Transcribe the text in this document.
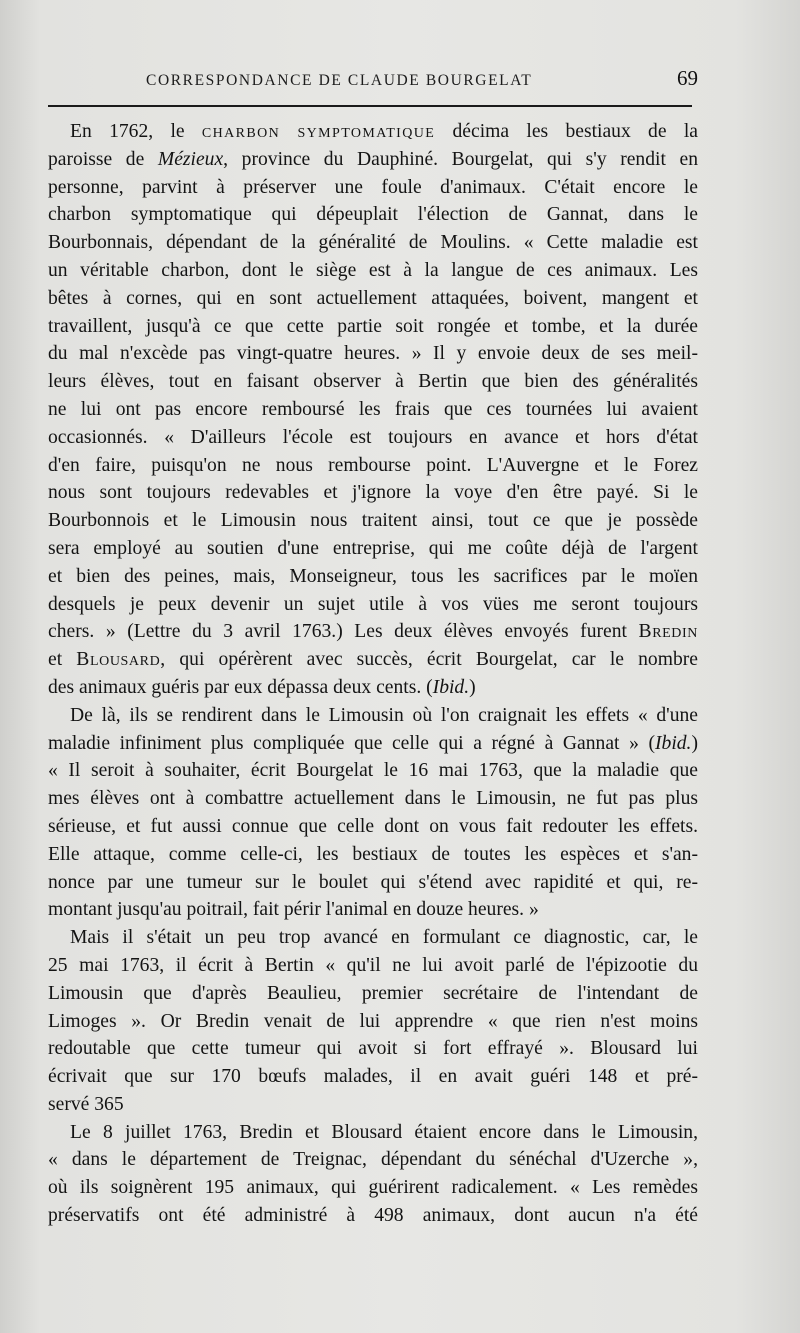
CORRESPONDANCE DE CLAUDE BOURGELAT	69
En 1762, le CHARBON SYMPTOMATIQUE décima les bestiaux de la
paroisse de Mézieux, province du Dauphiné. Bourgelat, qui s'y rendit en
personne, parvint à préserver une foule d'animaux. C'était encore le
charbon symptomatique qui dépeuplait l'élection de Gannat, dans le
Bourbonnais, dépendant de la généralité de Moulins. « Cette maladie est
un véritable charbon, dont le siège est à la langue de ces animaux. Les
bêtes à cornes, qui en sont actuellement attaquées, boivent, mangent et
travaillent, jusqu'à ce que cette partie soit rongée et tombe, et la durée
du mal n'excède pas vingt-quatre heures. » Il y envoie deux de ses meil-
leurs élèves, tout en faisant observer à Bertin que bien des généralités
ne lui ont pas encore remboursé les frais que ces tournées lui avaient
occasionnés. « D'ailleurs l'école est toujours en avance et hors d'état
d'en faire, puisqu'on ne nous rembourse point. L'Auvergne et le Forez
nous sont toujours redevables et j'ignore la voye d'en être payé. Si le
Bourbonnois et le Limousin nous traitent ainsi, tout ce que je possède
sera employé au soutien d'une entreprise, qui me coûte déjà de l'argent
et bien des peines, mais, Monseigneur, tous les sacrifices par le moïen
desquels je peux devenir un sujet utile à vos vües me seront toujours
chers. » (Lettre du 3 avril 1763.) Les deux élèves envoyés furent Bredin
et Blousard, qui opérèrent avec succès, écrit Bourgelat, car le nombre
des animaux guéris par eux dépassa deux cents. (Ibid.)
De là, ils se rendirent dans le Limousin où l'on craignait les effets « d'une
maladie infiniment plus compliquée que celle qui a régné à Gannat » (Ibid.)
« Il seroit à souhaiter, écrit Bourgelat le 16 mai 1763, que la maladie que
mes élèves ont à combattre actuellement dans le Limousin, ne fut pas plus
sérieuse, et fut aussi connue que celle dont on vous fait redouter les effets.
Elle attaque, comme celle-ci, les bestiaux de toutes les espèces et s'an-
nonce par une tumeur sur le boulet qui s'étend avec rapidité et qui, re-
montant jusqu'au poitrail, fait périr l'animal en douze heures. »
Mais il s'était un peu trop avancé en formulant ce diagnostic, car, le
25 mai 1763, il écrit à Bertin « qu'il ne lui avoit parlé de l'épizootie du
Limousin que d'après Beaulieu, premier secrétaire de l'intendant de
Limoges ». Or Bredin venait de lui apprendre « que rien n'est moins
redoutable que cette tumeur qui avoit si fort effrayé ». Blousard lui
écrivait que sur 170 bœufs malades, il en avait guéri 148 et pré-
servé 365
Le 8 juillet 1763, Bredin et Blousard étaient encore dans le Limousin,
« dans le département de Treignac, dépendant du sénéchal d'Uzerche »,
où ils soignèrent 195 animaux, qui guérirent radicalement. « Les remèdes
préservatifs ont été administré à 498 animaux, dont aucun n'a été
